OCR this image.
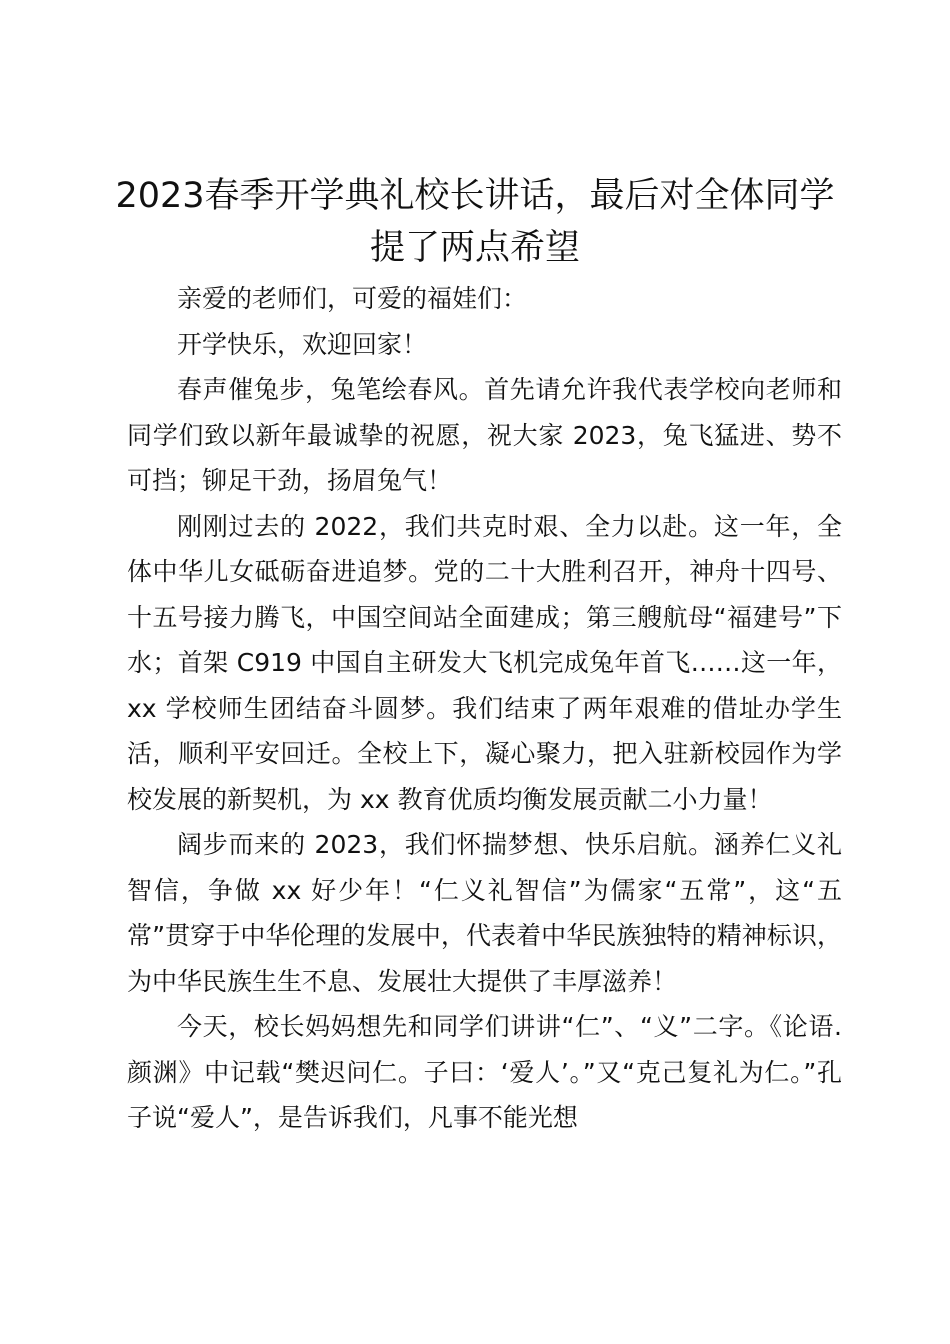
2023春季开学典礼校长讲话，最后对全体同学提了两点希望

亲爱的老师们，可爱的福娃们：

开学快乐，欢迎回家！

春声催兔步，兔笔绘春风。首先请允许我代表学校向老师和同学们致以新年最诚挚的祝愿，祝大家 2023，兔飞猛进、势不可挡；铆足干劲，扬眉兔气！

刚刚过去的 2022，我们共克时艰、全力以赴。这一年，全体中华儿女砥砺奋进追梦。党的二十大胜利召开，神舟十四号、十五号接力腾飞，中国空间站全面建成；第三艘航母“福建号”下水；首架 C919 中国自主研发大飞机完成兔年首飞……这一年，xx 学校师生团结奋斗圆梦。我们结束了两年艰难的借址办学生活，顺利平安回迁。全校上下，凝心聚力，把入驻新校园作为学校发展的新契机，为 xx 教育优质均衡发展贡献二小力量！

阔步而来的 2023，我们怀揣梦想、快乐启航。涵养仁义礼智信，争做 xx 好少年！“仁义礼智信”为儒家“五常”，这“五常”贯穿于中华伦理的发展中，代表着中华民族独特的精神标识，为中华民族生生不息、发展壮大提供了丰厚滋养！

今天，校长妈妈想先和同学们讲讲“仁”、“义”二字。《论语.颜渊》中记载“樊迟问仁。子曰：‘爱人’。”又“克己复礼为仁。”孔子说“爱人”，是告诉我们，凡事不能光想
